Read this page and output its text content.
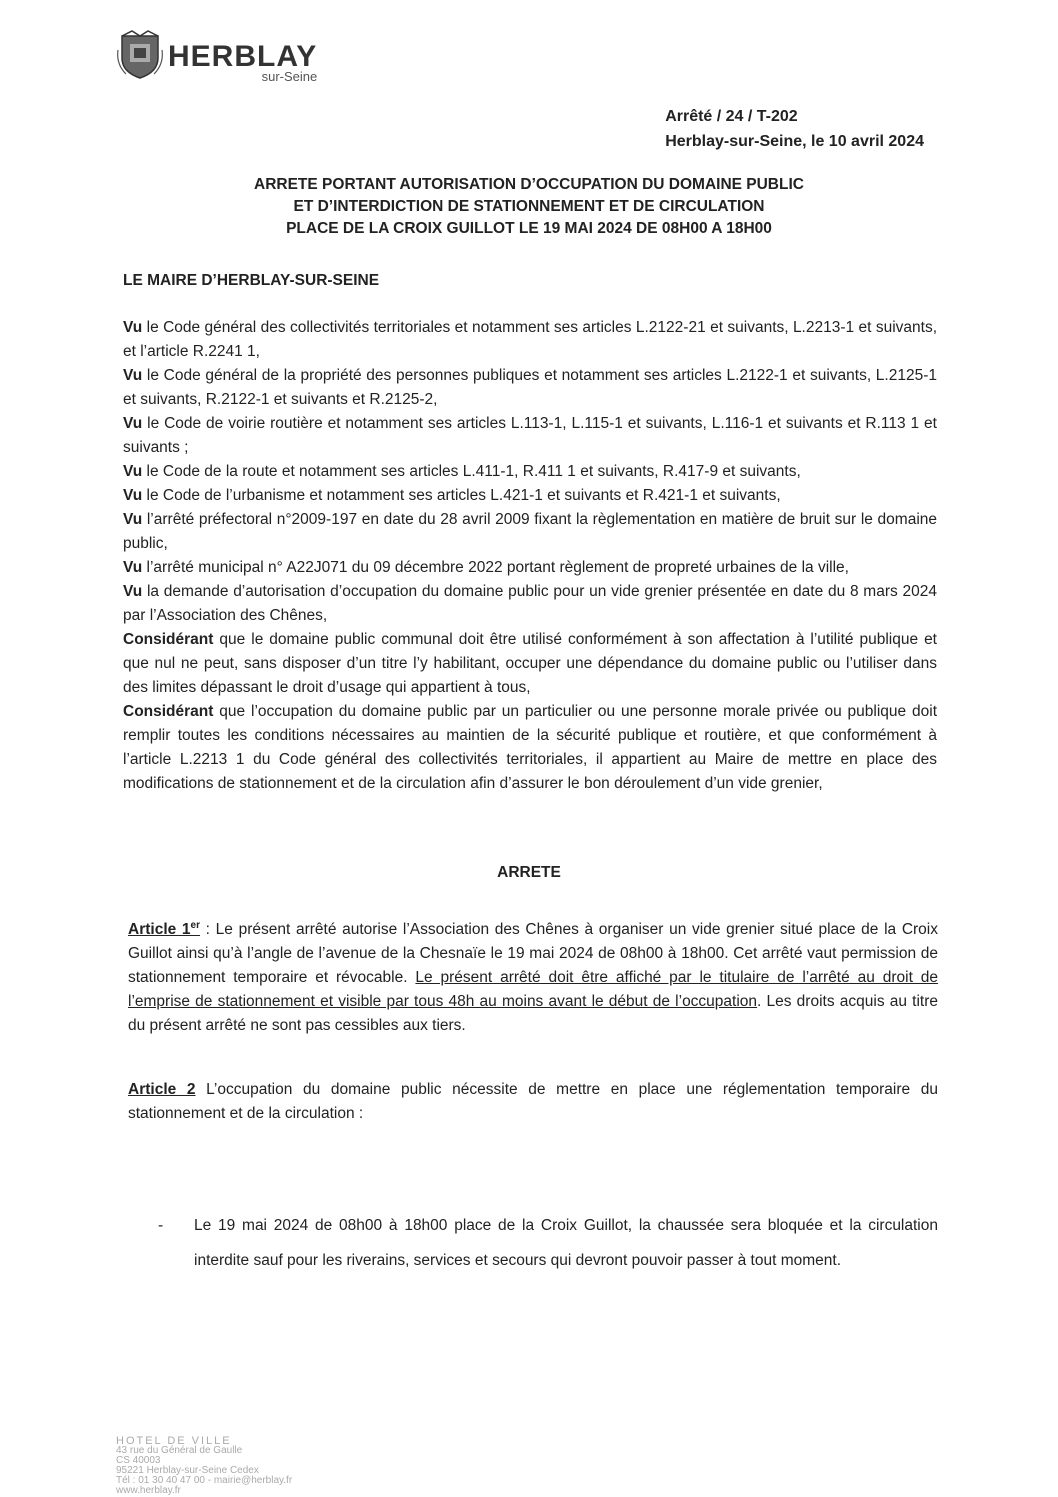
HERBLAY
sur-Seine
Arrêté / 24 / T-202
Herblay-sur-Seine, le 10 avril 2024
ARRETE PORTANT AUTORISATION D’OCCUPATION DU DOMAINE PUBLIC
ET D’INTERDICTION DE STATIONNEMENT ET DE CIRCULATION
PLACE DE LA CROIX GUILLOT LE 19 MAI 2024 DE 08H00 A 18H00
LE MAIRE D’HERBLAY-SUR-SEINE

Vu le Code général des collectivités territoriales et notamment ses articles L.2122-21 et suivants, L.2213-1 et suivants, et l’article R.2241 1,

Vu le Code général de la propriété des personnes publiques et notamment ses articles L.2122-1 et suivants, L.2125-1 et suivants, R.2122-1 et suivants et R.2125-2,

Vu le Code de voirie routière et notamment ses articles L.113-1, L.115-1 et suivants, L.116-1 et suivants et R.113 1 et suivants ;

Vu le Code de la route et notamment ses articles L.411-1, R.411 1 et suivants, R.417-9 et suivants,

Vu le Code de l’urbanisme et notamment ses articles L.421-1 et suivants et R.421-1 et suivants,

Vu l’arrêté préfectoral n°2009-197 en date du 28 avril 2009 fixant la règlementation en matière de bruit sur le domaine public,

Vu l’arrêté municipal n° A22J071 du 09 décembre 2022 portant règlement de propreté urbaines de la ville,

Vu la demande d’autorisation d’occupation du domaine public pour un vide grenier présentée en date du 8 mars 2024 par l’Association des Chênes,

Considérant que le domaine public communal doit être utilisé conformément à son affectation à l’utilité publique et que nul ne peut, sans disposer d’un titre l’y habilitant, occuper une dépendance du domaine public ou l’utiliser dans des limites dépassant le droit d’usage qui appartient à tous,

Considérant que l’occupation du domaine public par un particulier ou une personne morale privée ou publique doit remplir toutes les conditions nécessaires au maintien de la sécurité publique et routière, et que conformément à l’article L.2213 1 du Code général des collectivités territoriales, il appartient au Maire de mettre en place des modifications de stationnement et de la circulation afin d’assurer le bon déroulement d’un vide grenier,

ARRETE
Article 1er : Le présent arrêté autorise l’Association des Chênes à organiser un vide grenier situé place de la Croix Guillot ainsi qu’à l’angle de l’avenue de la Chesnaïe le 19 mai 2024 de 08h00 à 18h00. Cet arrêté vaut permission de stationnement temporaire et révocable. Le présent arrêté doit être affiché par le titulaire de l’arrêté au droit de l’emprise de stationnement et visible par tous 48h au moins avant le début de l’occupation. Les droits acquis au titre du présent arrêté ne sont pas cessibles aux tiers.
Article 2 L’occupation du domaine public nécessite de mettre en place une réglementation temporaire du stationnement et de la circulation :
- Le 19 mai 2024 de 08h00 à 18h00 place de la Croix Guillot, la chaussée sera bloquée et la circulation interdite sauf pour les riverains, services et secours qui devront pouvoir passer à tout moment.
HOTEL DE VILLE
43 rue du Général de Gaulle
CS 40003
95221 Herblay-sur-Seine Cedex
Tél : 01 30 40 47 00 - mairie@herblay.fr
www.herblay.fr
